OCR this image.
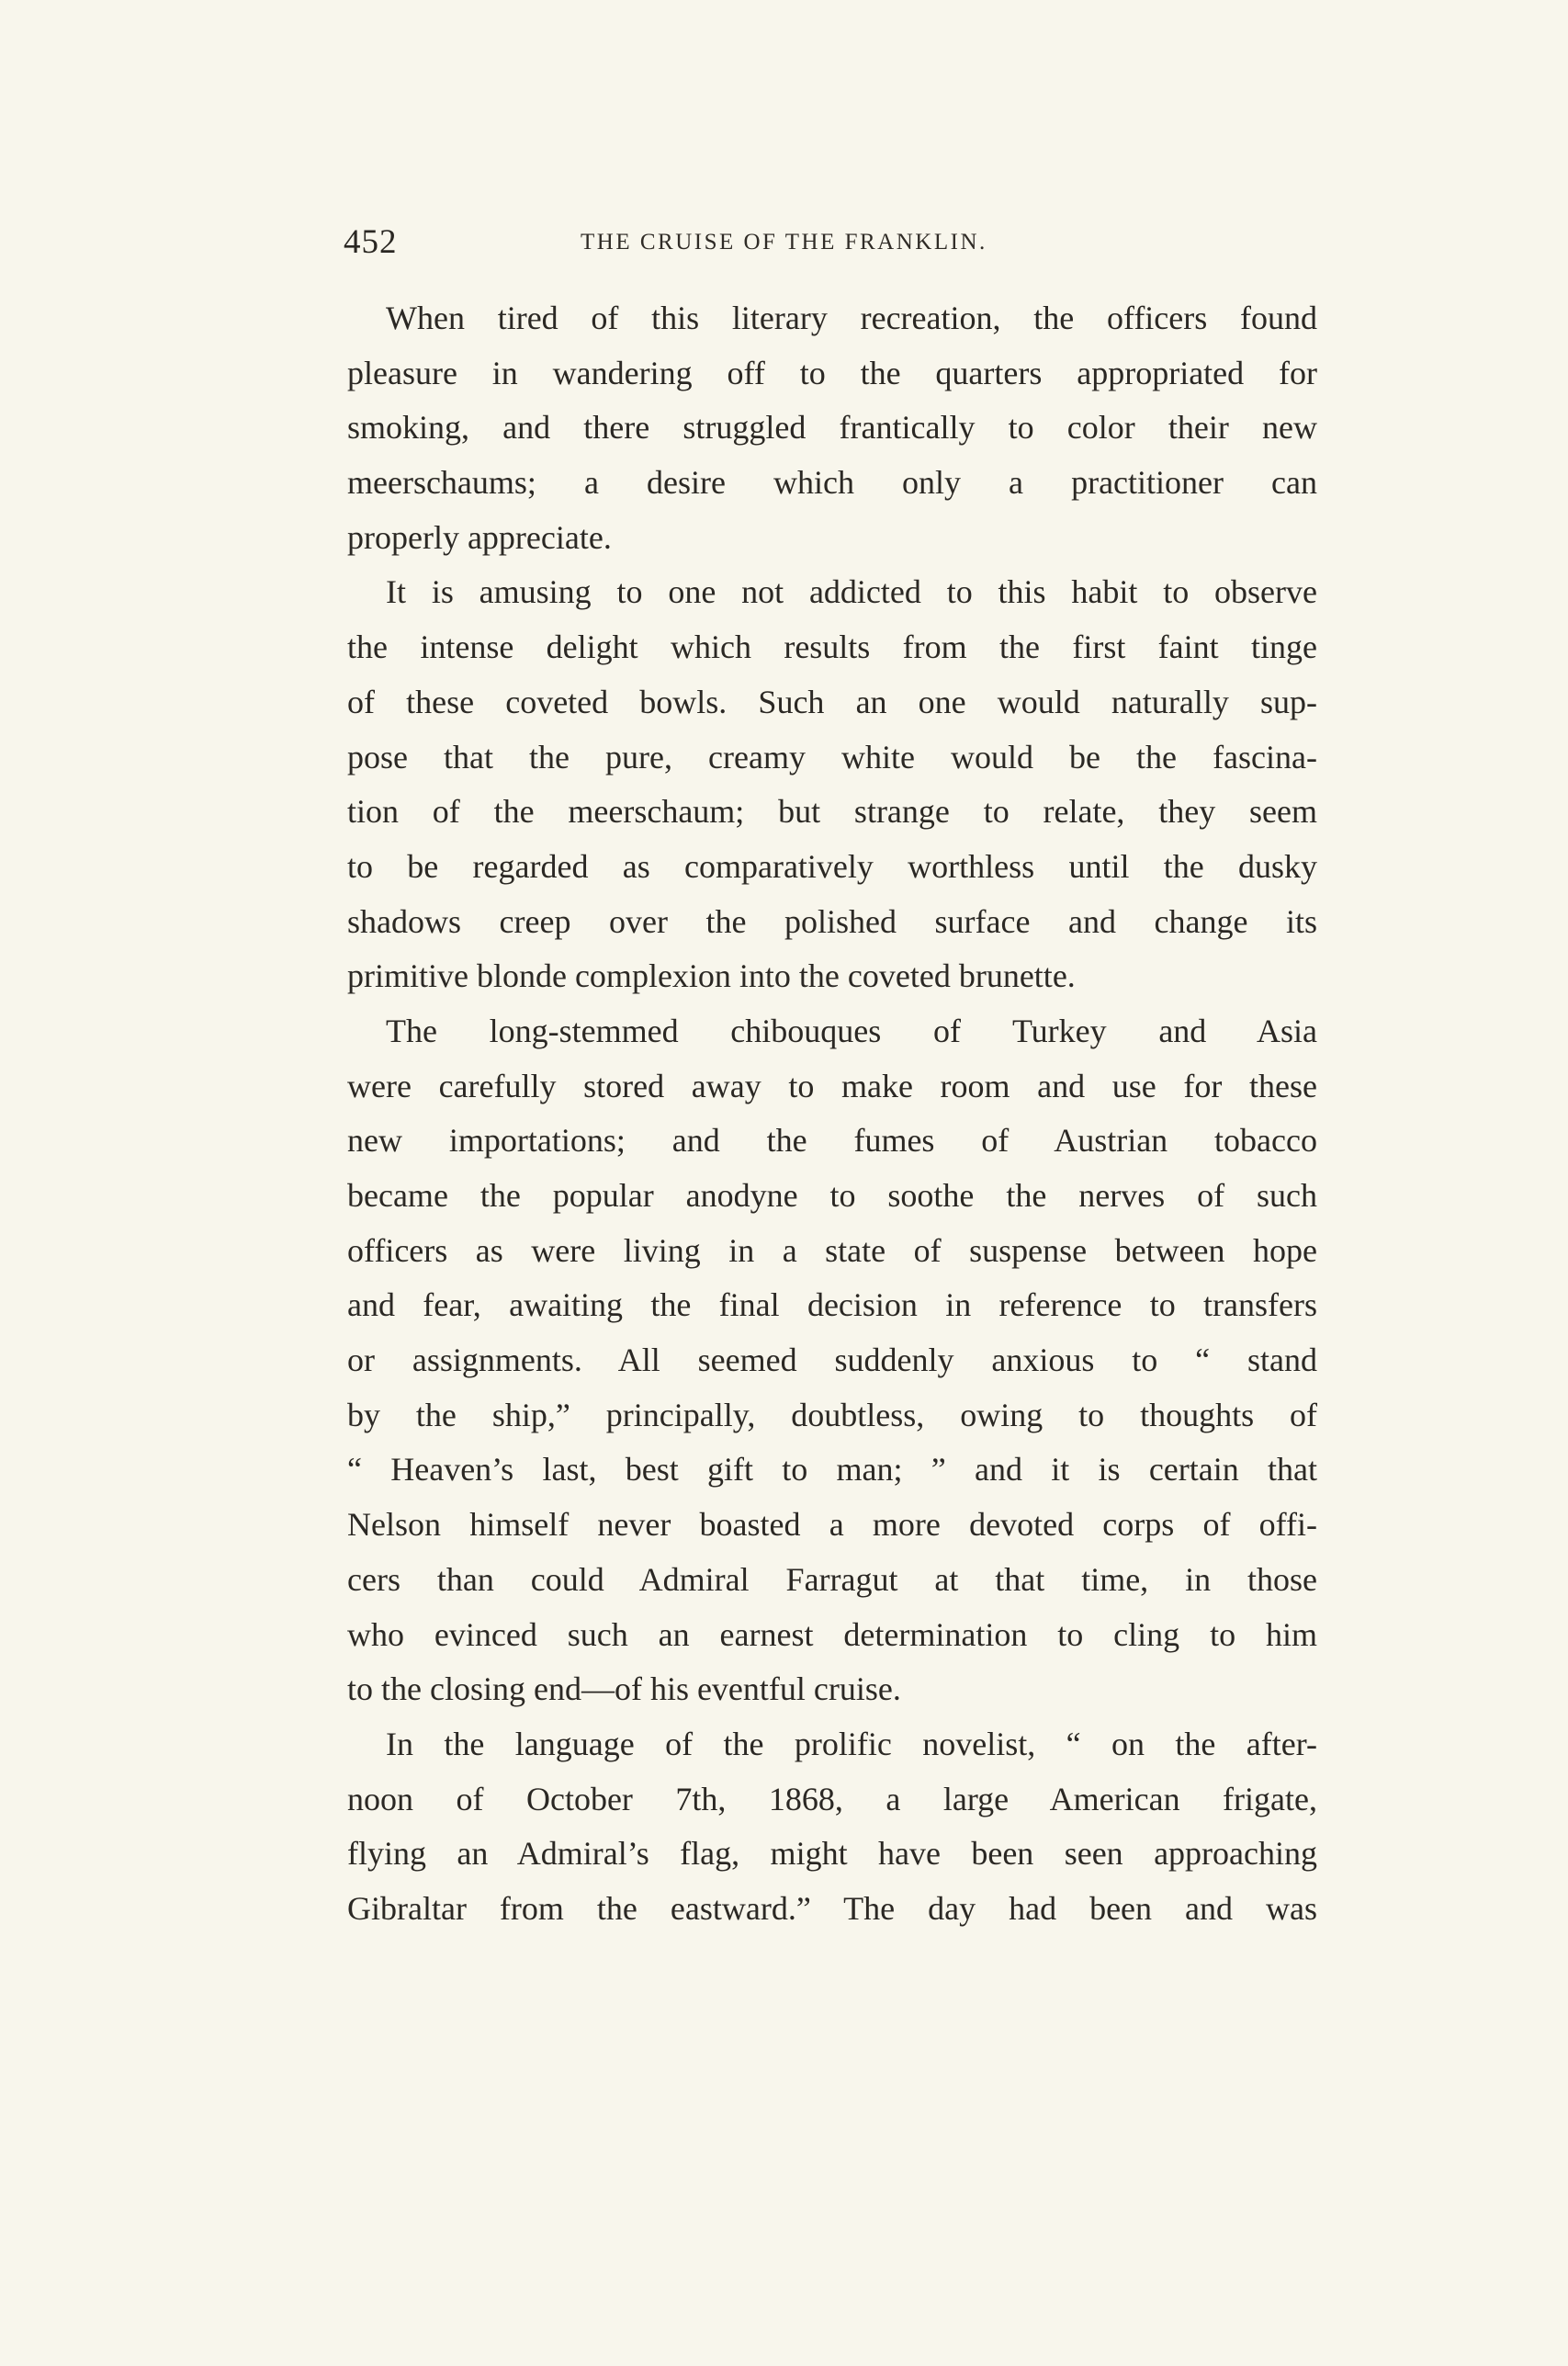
452	THE CRUISE OF THE FRANKLIN.
When tired of this literary recreation, the officers found
pleasure in wandering off to the quarters appropriated for
smoking, and there struggled frantically to color their new
meerschaums; a desire which only a practitioner can
properly appreciate.
It is amusing to one not addicted to this habit to observe
the intense delight which results from the first faint tinge
of these coveted bowls. Such an one would naturally sup-
pose that the pure, creamy white would be the fascina-
tion of the meerschaum; but strange to relate, they seem
to be regarded as comparatively worthless until the dusky
shadows creep over the polished surface and change its
primitive blonde complexion into the coveted brunette.
The long-stemmed chibouques of Turkey and Asia
were carefully stored away to make room and use for these
new importations; and the fumes of Austrian tobacco
became the popular anodyne to soothe the nerves of such
officers as were living in a state of suspense between hope
and fear, awaiting the final decision in reference to transfers
or assignments. All seemed suddenly anxious to “ stand
by the ship,” principally, doubtless, owing to thoughts of
“ Heaven’s last, best gift to man; ” and it is certain that
Nelson himself never boasted a more devoted corps of offi-
cers than could Admiral Farragut at that time, in those
who evinced such an earnest determination to cling to him
to the closing end—of his eventful cruise.
In the language of the prolific novelist, “ on the after-
noon of October 7th, 1868, a large American frigate,
flying an Admiral’s flag, might have been seen approaching
Gibraltar from the eastward.” The day had been and was
